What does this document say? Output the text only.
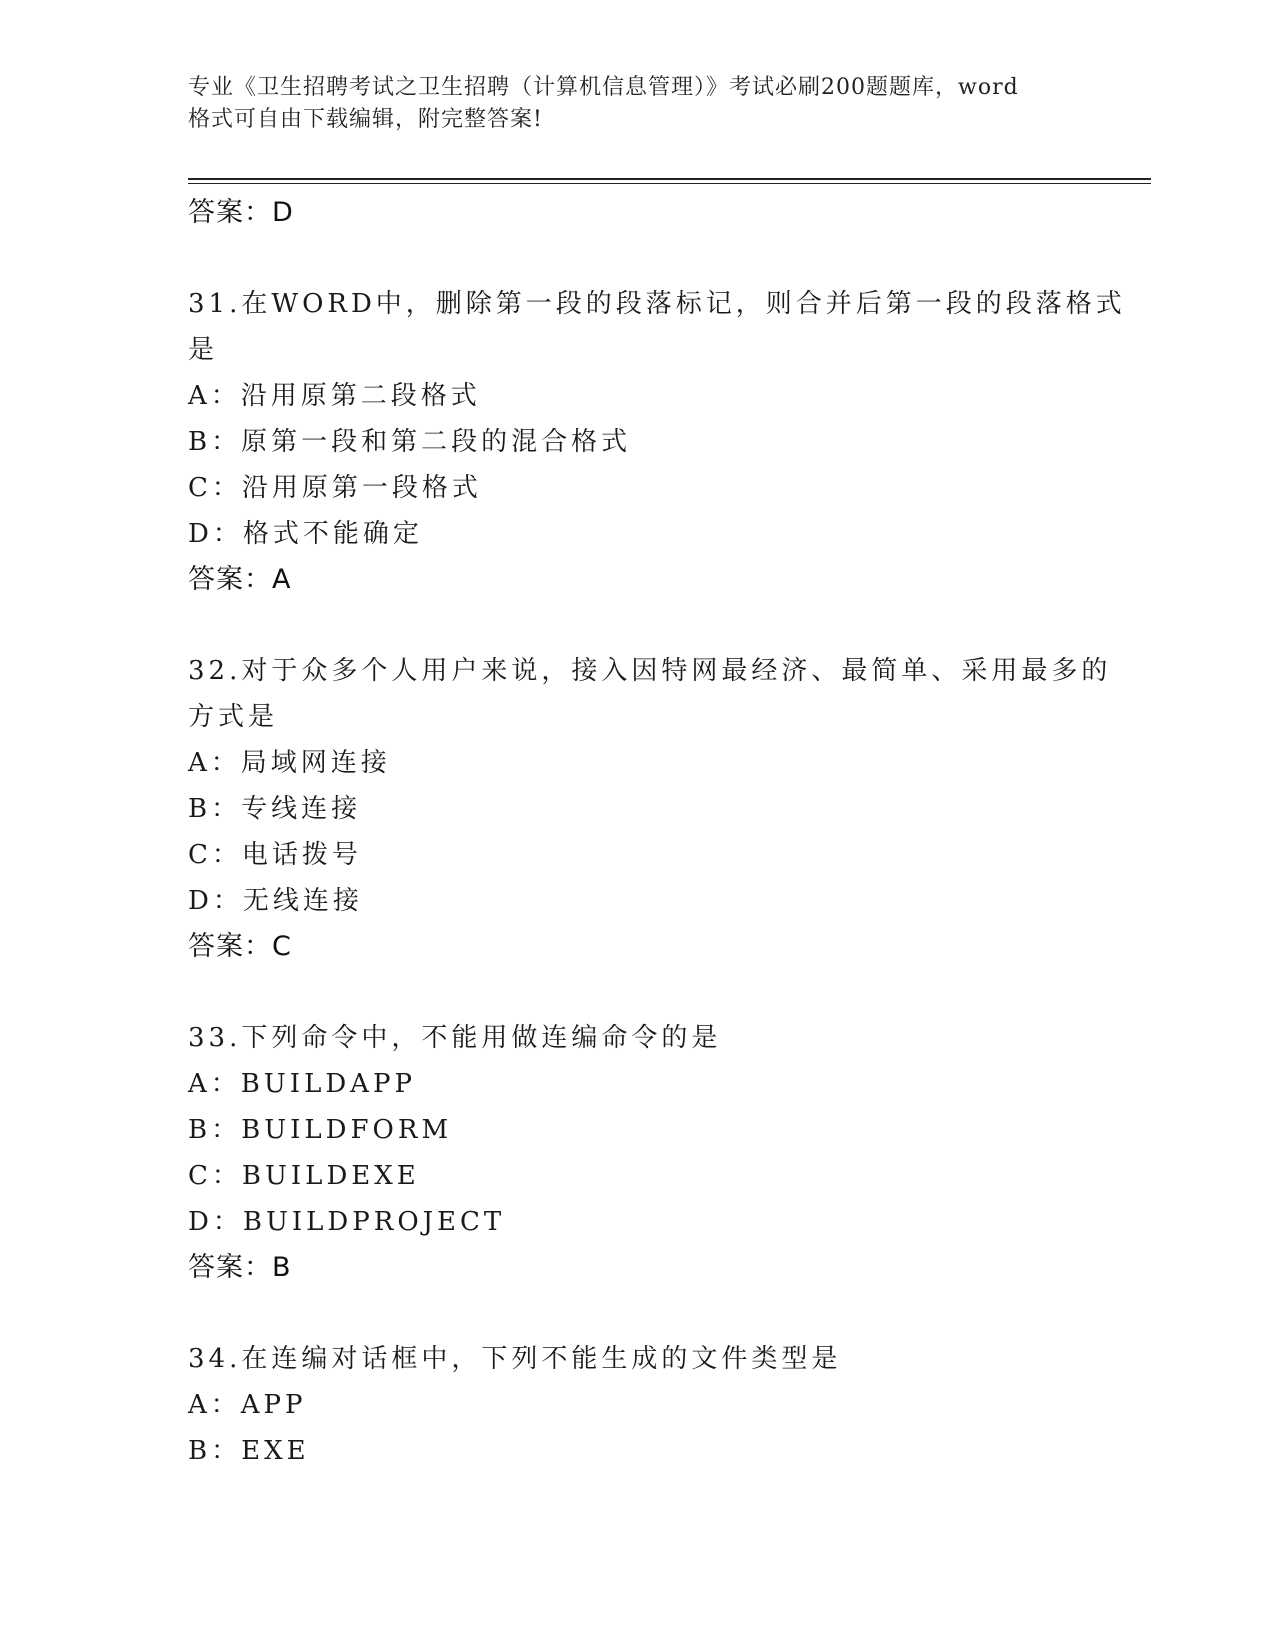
专业《卫生招聘考试之卫生招聘（计算机信息管理）》考试必刷200题题库，word
格式可自由下载编辑，附完整答案!
答案：D
31.在WORD中，删除第一段的段落标记，则合并后第一段的段落格式
是
A：沿用原第二段格式
B：原第一段和第二段的混合格式
C：沿用原第一段格式
D：格式不能确定
答案：A
32.对于众多个人用户来说，接入因特网最经济、最简单、采用最多的
方式是
A：局域网连接
B：专线连接
C：电话拨号
D：无线连接
答案：C
33.下列命令中，不能用做连编命令的是
A：BUILDAPP
B：BUILDFORM
C：BUILDEXE
D：BUILDPROJECT
答案：B
34.在连编对话框中，下列不能生成的文件类型是
A：APP
B：EXE
